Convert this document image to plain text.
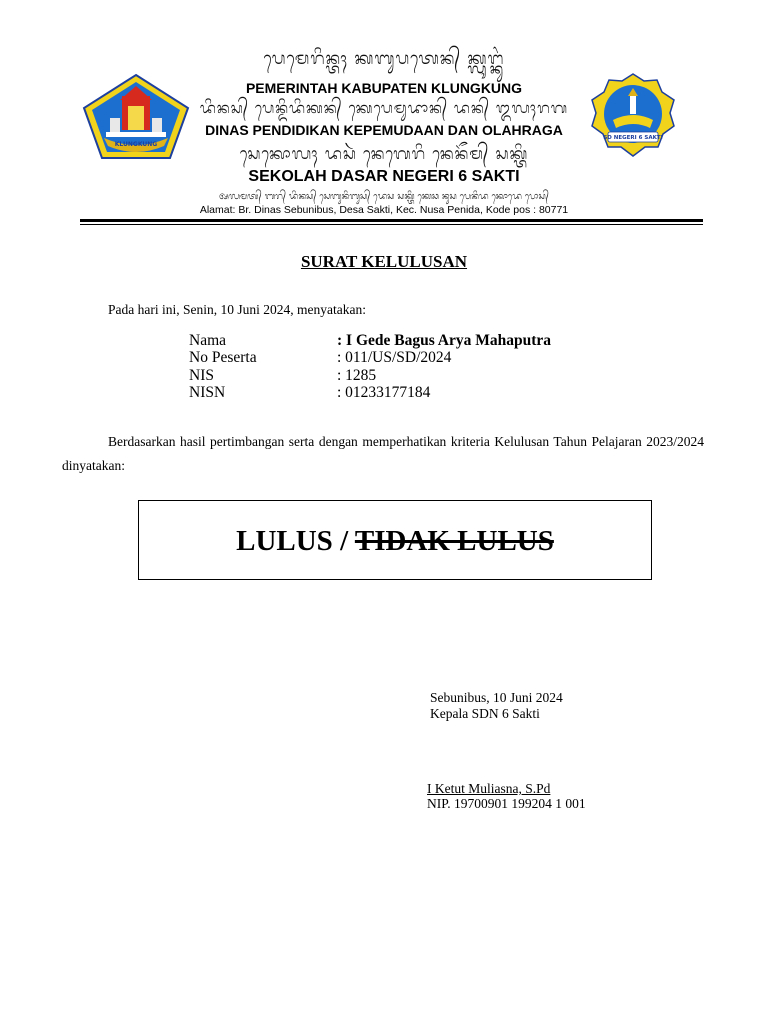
KLUNGKUNG
SD NEGERI 6 SAKTI
ᬧᬾᬫᬾᬭᬶᬦ᭄ᬢᬄ ᬓᬩᬸᬧᬢᬾᬦ᭄ ᬓ᭄ᬮᬸᬗ᭄ᬓᬸᬂ
PEMERINTAH KABUPATEN KLUNGKUNG
ᬤᬶᬦᬲ᭄ ᬧᬾᬦ᭄ᬤᬶᬤᬶᬓᬦ᭄ ᬓᬾᬧᬾᬫᬸᬤᬵᬦ᭄ ᬤᬦ᭄ ᬑᬮᬄᬭᬕ
DINAS PENDIDIKAN KEPEMUDAAN DAN OLAHRAGA
ᬲᬾᬓᭀᬮᬄ ᬤᬲᬃ ᬦᬾᬕᬾᬭᬶ ᬦᬾᬦᭂᬫ᭄ ᬲᬓ᭄ᬢᬶ
SEKOLAH DASAR NEGERI 6 SAKTI
ᬅᬮᬫᬢ᭄ ᬩᬭ᭄ ᬤᬶᬦᬲ᭄ ᬲᬾᬩᬸᬦᬶᬩᬸᬲ᭄ ᬤᬾᬲ ᬲᬓ᭄ᬢᬶ ᬓᬾᬘ ᬦᬸᬲ ᬧᬾᬦᬶᬤ ᬓᭀᬤᬾ ᬧᭀᬲ᭄
Alamat: Br. Dinas Sebunibus, Desa Sakti, Kec. Nusa Penida, Kode pos : 80771
SURAT KELULUSAN
Pada hari ini, Senin, 10 Juni 2024, menyatakan:
Nama	: I Gede Bagus Arya Mahaputra
No Peserta	: 011/US/SD/2024
NIS	: 1285
NISN	: 01233177184
Berdasarkan hasil pertimbangan serta dengan memperhatikan kriteria Kelulusan Tahun Pelajaran 2023/2024 dinyatakan:
LULUS / TIDAK LULUS
Sebunibus, 10 Juni 2024
Kepala SDN 6 Sakti
I Ketut Muliasna, S.Pd
NIP. 19700901 199204 1 001
